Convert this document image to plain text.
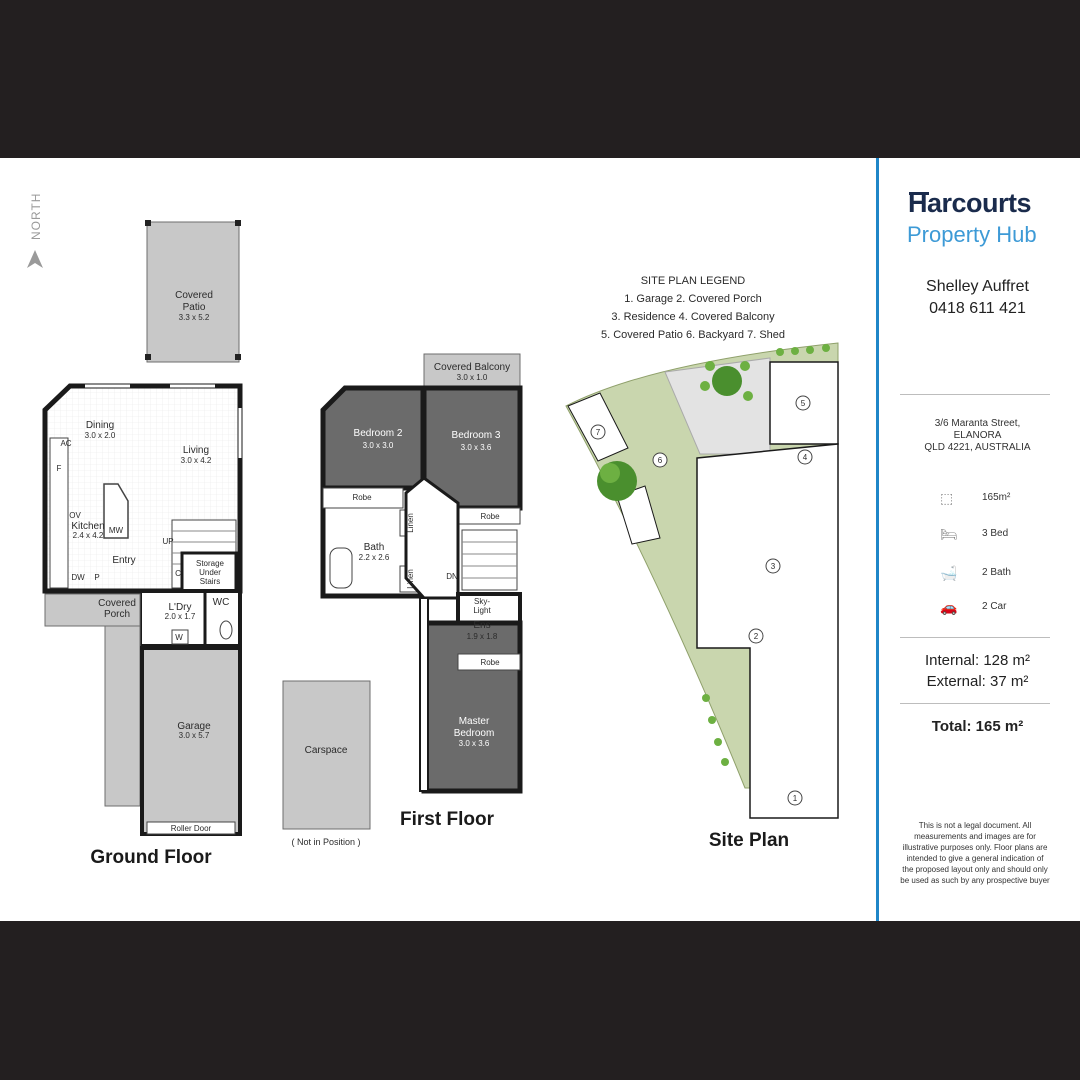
NORTH
Covered
Patio
3.3 x 5.2
Dining
3.0 x 2.0
Living
3.0 x 4.2
Kitchen
2.4 x 4.2
Entry	Storage
Under
Stairs
L'Dry
2.0 x 1.7
WC
AC
F
OV
MW
DW P	C
W
UP
Covered
Porch
Garage
3.0 x 5.7
Roller Door
Ground Floor
Carspace
( Not in Position )
Covered Balcony
3.0 x 1.0
Bedroom 2
3.0 x 3.0
Bedroom 3
3.0 x 3.6
Robe
Robe
Robe
Linen
Linen
Bath
2.2 x 2.6
DN
Sky-
Light
Ens
1.9 x 1.8
Master
Bedroom
3.0 x 3.6
First Floor
SITE PLAN LEGEND
1. Garage 2. Covered Porch
3. Residence 4. Covered Balcony
5. Covered Patio 6. Backyard 7. Shed
1
2
3
4
5
6
7
Site Plan
Harcourts
Property Hub
Shelley Auffret
0418 611 421
3/6 Maranta Street,
ELANORA
QLD 4221, AUSTRALIA
⬚	165m²
🛏 3 Bed
🛁 2 Bath
🚗 2 Car
Internal: 128 m²
External: 37 m²
Total: 165 m²
This is not a legal document. All measurements and images are for illustrative purposes only. Floor plans are intended to give a general indication of the proposed layout only and should only be used as such by any prospective buyer
